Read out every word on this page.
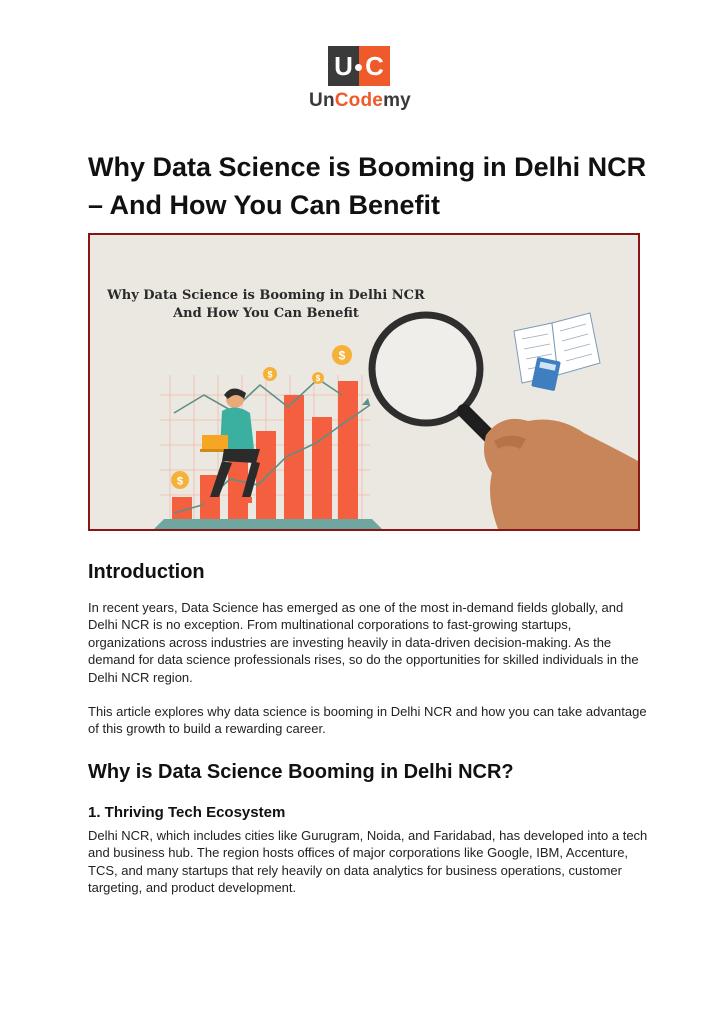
U C
UnCodemy
Why Data Science is Booming in Delhi NCR – And How You Can Benefit
Why Data Science is Booming in Delhi NCR
And How You Can Benefit
$
$	$
$
Introduction

In recent years, Data Science has emerged as one of the most in-demand fields globally, and Delhi NCR is no exception. From multinational corporations to fast-growing startups, organizations across industries are investing heavily in data-driven decision-making. As the demand for data science professionals rises, so do the opportunities for skilled individuals in the Delhi NCR region.

This article explores why data science is booming in Delhi NCR and how you can take advantage of this growth to build a rewarding career.

Why is Data Science Booming in Delhi NCR?
1. Thriving Tech Ecosystem

Delhi NCR, which includes cities like Gurugram, Noida, and Faridabad, has developed into a tech and business hub. The region hosts offices of major corporations like Google, IBM, Accenture, TCS, and many startups that rely heavily on data analytics for business operations, customer targeting, and product development.
